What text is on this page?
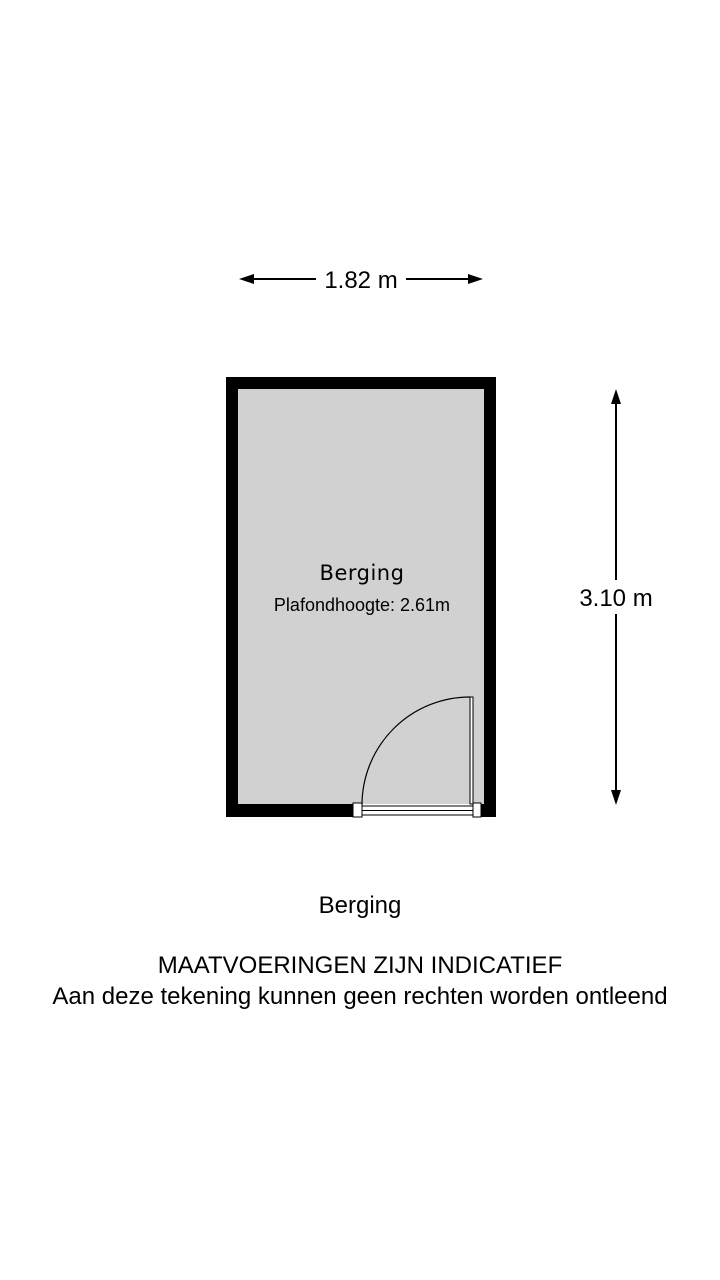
1.82 m
3.10 m
Berging
Plafondhoogte: 2.61m
Berging
MAATVOERINGEN ZIJN INDICATIEF
Aan deze tekening kunnen geen rechten worden ontleend
